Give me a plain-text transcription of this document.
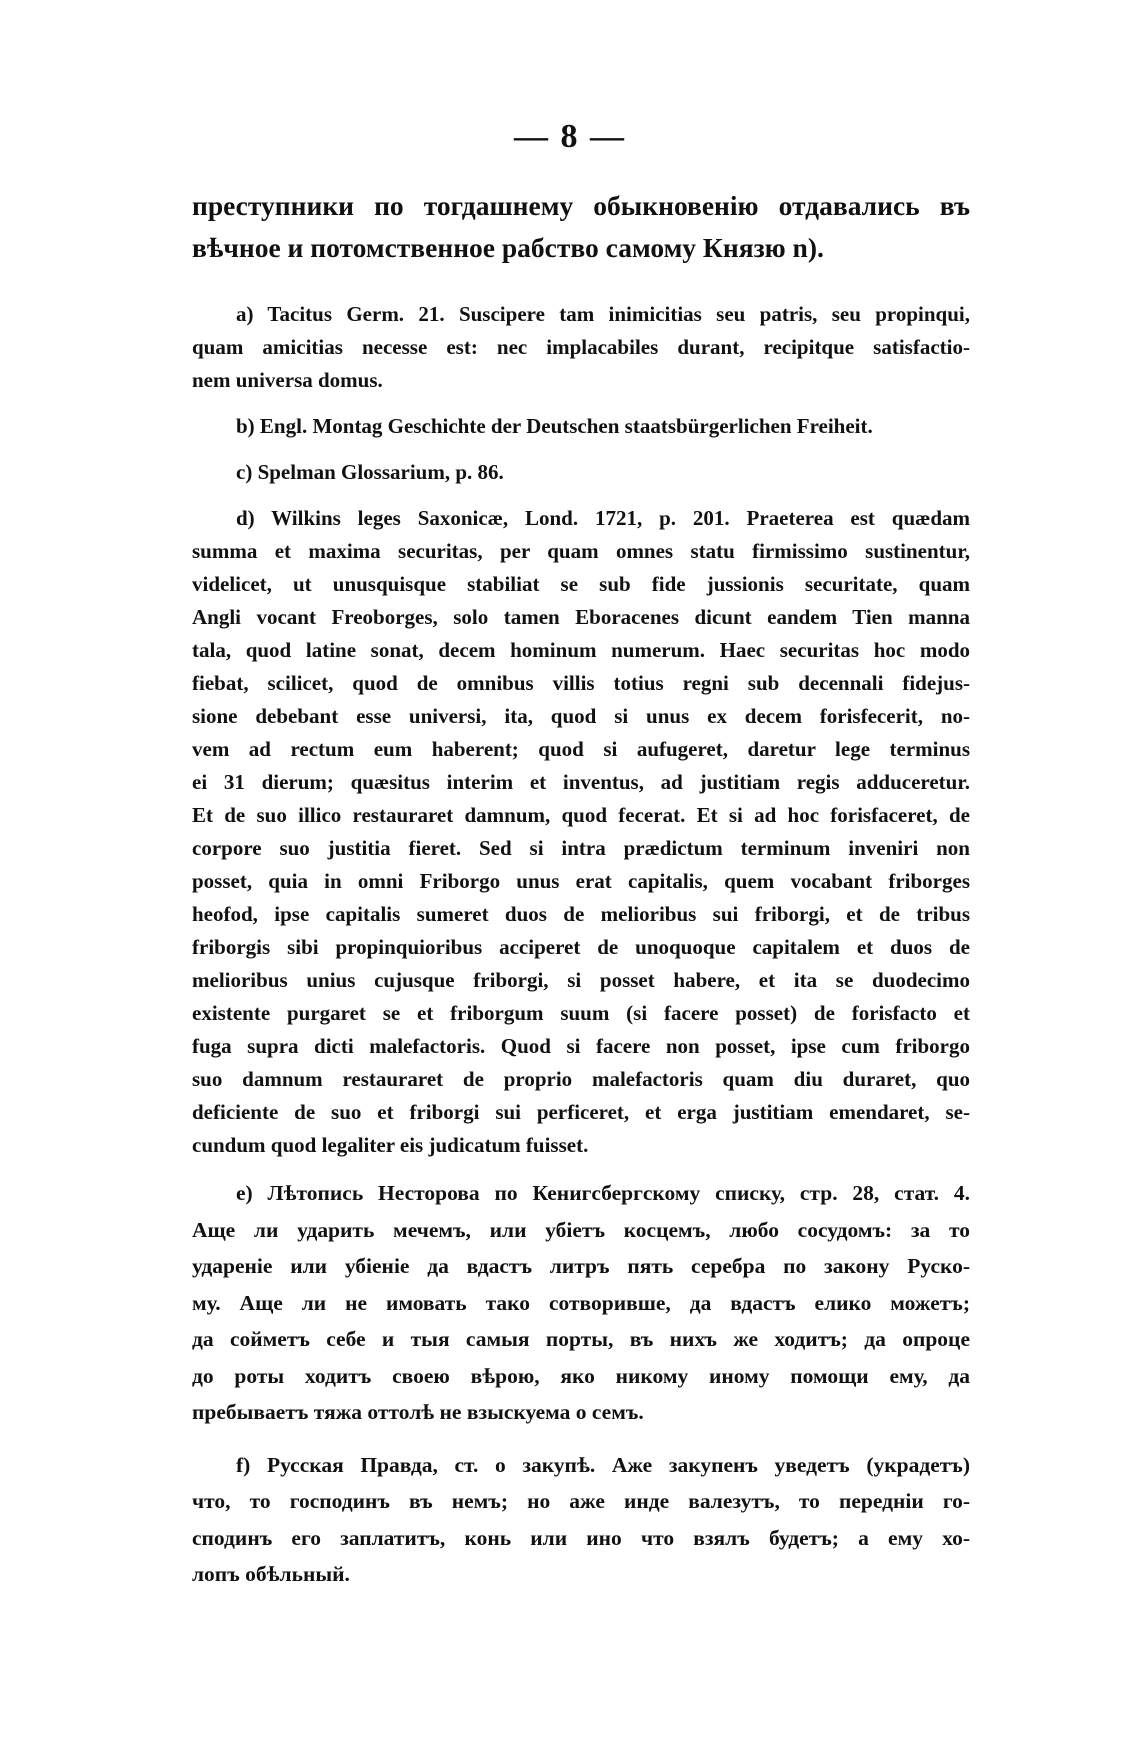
— 8 —
преступники по тогдашнему обыкновенію отдавались въ
вѣчное и потомственное рабство самому Князю n).
a) Tacitus Germ. 21. Suscipere tam inimicitias seu patris, seu propinqui,
quam amicitias necesse est: nec implacabiles durant, recipitque satisfactio-
nem universa domus.
b) Engl. Montag Geschichte der Deutschen staatsbürgerlichen Freiheit.
c) Spelman Glossarium, p. 86.
d) Wilkins leges Saxonicæ, Lond. 1721, p. 201. Praeterea est quædam
summa et maxima securitas, per quam omnes statu firmissimo sustinentur,
videlicet, ut unusquisque stabiliat se sub fide jussionis securitate, quam
Angli vocant Freoborges, solo tamen Eboracenes dicunt eandem Tien manna
tala, quod latine sonat, decem hominum numerum. Haec securitas hoc modo
fiebat, scilicet, quod de omnibus villis totius regni sub decennali fidejus-
sione debebant esse universi, ita, quod si unus ex decem forisfecerit, no-
vem ad rectum eum haberent; quod si aufugeret, daretur lege terminus
ei 31 dierum; quæsitus interim et inventus, ad justitiam regis adduceretur.
Et de suo illico restauraret damnum, quod fecerat. Et si ad hoc forisfaceret, de
corpore suo justitia fieret. Sed si intra prædictum terminum inveniri non
posset, quia in omni Friborgo unus erat capitalis, quem vocabant friborges
heofod, ipse capitalis sumeret duos de melioribus sui friborgi, et de tribus
friborgis sibi propinquioribus acciperet de unoquoque capitalem et duos de
melioribus unius cujusque friborgi, si posset habere, et ita se duodecimo
existente purgaret se et friborgum suum (si facere posset) de forisfacto et
fuga supra dicti malefactoris. Quod si facere non posset, ipse cum friborgo
suo damnum restauraret de proprio malefactoris quam diu duraret, quo
deficiente de suo et friborgi sui perficeret, et erga justitiam emendaret, se-
cundum quod legaliter eis judicatum fuisset.
e) Лѣтопись Несторова по Кенигсбергскому списку, стр. 28, стат. 4.
Аще ли ударить мечемъ, или убіетъ косцемъ, любо сосудомъ: за то
удареніе или убіеніе да вдастъ литръ пять серебра по закону Руско-
му. Аще ли не имовать тако сотворивше, да вдастъ елико можетъ;
да сойметъ себе и тыя самыя порты, въ нихъ же ходитъ; да опроце
до роты ходитъ своею вѣрою, яко никому иному помощи ему, да
пребываетъ тяжа оттолѣ не взыскуема о семъ.
f) Русская Правда, ст. о закупѣ. Аже закупенъ уведетъ (украдетъ)
что, то господинъ въ немъ; но аже инде валезутъ, то передніи го-
сподинъ его заплатитъ, конь или ино что взялъ будетъ; а ему хо-
лопъ обѣльный.
